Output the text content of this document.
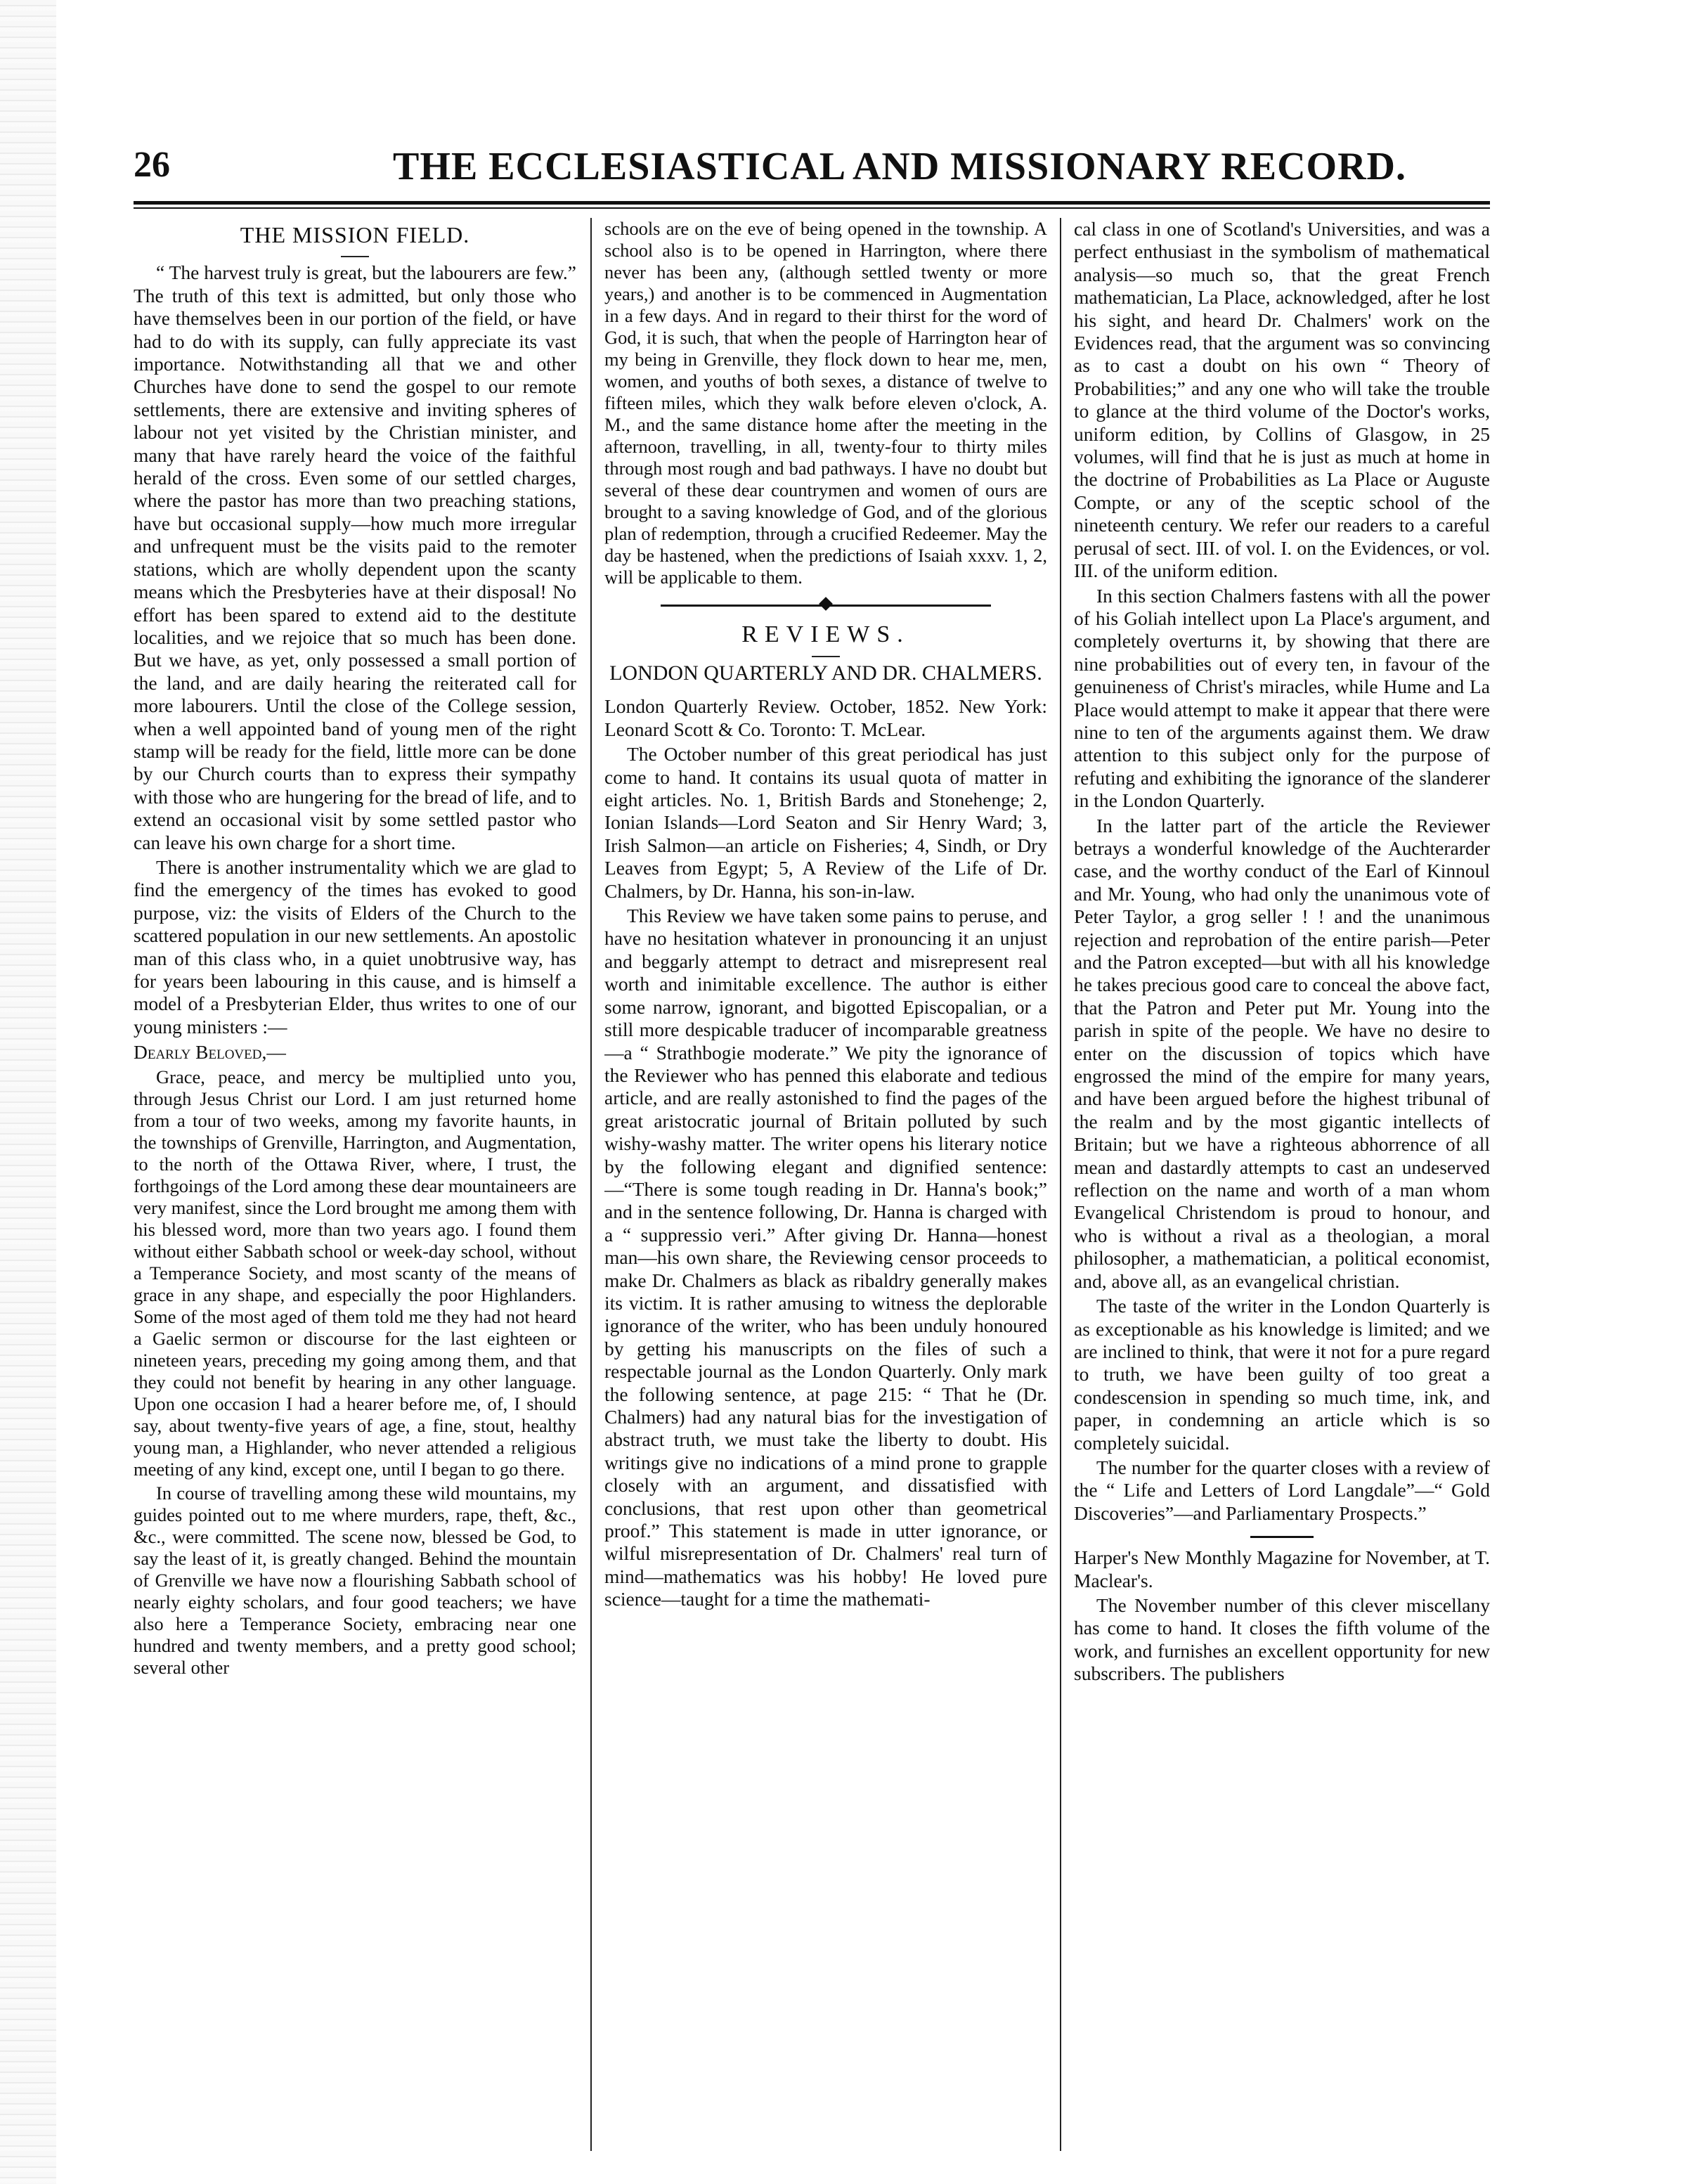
26	THE ECCLESIASTICAL AND MISSIONARY RECORD.

THE MISSION FIELD.

“ The harvest truly is great, but the labourers are few.” The truth of this text is admitted, but only those who have themselves been in our portion of the field, or have had to do with its supply, can fully appreciate its vast importance. Notwithstanding all that we and other Churches have done to send the gospel to our remote settlements, there are extensive and inviting spheres of labour not yet visited by the Christian minister, and many that have rarely heard the voice of the faithful herald of the cross. Even some of our settled charges, where the pastor has more than two preaching stations, have but occasional supply—how much more irregular and unfrequent must be the visits paid to the remoter stations, which are wholly dependent upon the scanty means which the Presbyteries have at their disposal! No effort has been spared to extend aid to the destitute localities, and we rejoice that so much has been done. But we have, as yet, only possessed a small portion of the land, and are daily hearing the reiterated call for more labourers. Until the close of the College session, when a well appointed band of young men of the right stamp will be ready for the field, little more can be done by our Church courts than to express their sympathy with those who are hungering for the bread of life, and to extend an occasional visit by some settled pastor who can leave his own charge for a short time.

There is another instrumentality which we are glad to find the emergency of the times has evoked to good purpose, viz: the visits of Elders of the Church to the scattered population in our new settlements. An apostolic man of this class who, in a quiet unobtrusive way, has for years been labouring in this cause, and is himself a model of a Presbyterian Elder, thus writes to one of our young ministers :—

Dearly Beloved,—

Grace, peace, and mercy be multiplied unto you, through Jesus Christ our Lord. I am just returned home from a tour of two weeks, among my favorite haunts, in the townships of Grenville, Harrington, and Augmentation, to the north of the Ottawa River, where, I trust, the forthgoings of the Lord among these dear mountaineers are very manifest, since the Lord brought me among them with his blessed word, more than two years ago. I found them without either Sabbath school or week-day school, without a Temperance Society, and most scanty of the means of grace in any shape, and especially the poor Highlanders. Some of the most aged of them told me they had not heard a Gaelic sermon or discourse for the last eighteen or nineteen years, preceding my going among them, and that they could not benefit by hearing in any other language. Upon one occasion I had a hearer before me, of, I should say, about twenty-five years of age, a fine, stout, healthy young man, a Highlander, who never attended a religious meeting of any kind, except one, until I began to go there.

In course of travelling among these wild mountains, my guides pointed out to me where murders, rape, theft, &c., &c., were committed. The scene now, blessed be God, to say the least of it, is greatly changed. Behind the mountain of Grenville we have now a flourishing Sabbath school of nearly eighty scholars, and four good teachers; we have also here a Temperance Society, embracing near one hundred and twenty members, and a pretty good school; several other

schools are on the eve of being opened in the township. A school also is to be opened in Harrington, where there never has been any, (although settled twenty or more years,) and another is to be commenced in Augmentation in a few days. And in regard to their thirst for the word of God, it is such, that when the people of Harrington hear of my being in Grenville, they flock down to hear me, men, women, and youths of both sexes, a distance of twelve to fifteen miles, which they walk before eleven o'clock, A. M., and the same distance home after the meeting in the afternoon, travelling, in all, twenty-four to thirty miles through most rough and bad pathways. I have no doubt but several of these dear countrymen and women of ours are brought to a saving knowledge of God, and of the glorious plan of redemption, through a crucified Redeemer. May the day be hastened, when the predictions of Isaiah xxxv. 1, 2, will be applicable to them.

REVIEWS.

LONDON QUARTERLY AND DR. CHALMERS.

London Quarterly Review. October, 1852. New York: Leonard Scott & Co. Toronto: T. McLear.

The October number of this great periodical has just come to hand. It contains its usual quota of matter in eight articles. No. 1, British Bards and Stonehenge; 2, Ionian Islands—Lord Seaton and Sir Henry Ward; 3, Irish Salmon—an article on Fisheries; 4, Sindh, or Dry Leaves from Egypt; 5, A Review of the Life of Dr. Chalmers, by Dr. Hanna, his son-in-law.

This Review we have taken some pains to peruse, and have no hesitation whatever in pronouncing it an unjust and beggarly attempt to detract and misrepresent real worth and inimitable excellence. The author is either some narrow, ignorant, and bigotted Episcopalian, or a still more despicable traducer of incomparable greatness—a “ Strathbogie moderate.” We pity the ignorance of the Reviewer who has penned this elaborate and tedious article, and are really astonished to find the pages of the great aristocratic journal of Britain polluted by such wishy-washy matter. The writer opens his literary notice by the following elegant and dignified sentence:—“There is some tough reading in Dr. Hanna's book;” and in the sentence following, Dr. Hanna is charged with a “ suppressio veri.” After giving Dr. Hanna—honest man—his own share, the Reviewing censor proceeds to make Dr. Chalmers as black as ribaldry generally makes its victim. It is rather amusing to witness the deplorable ignorance of the writer, who has been unduly honoured by getting his manuscripts on the files of such a respectable journal as the London Quarterly. Only mark the following sentence, at page 215: “ That he (Dr. Chalmers) had any natural bias for the investigation of abstract truth, we must take the liberty to doubt. His writings give no indications of a mind prone to grapple closely with an argument, and dissatisfied with conclusions, that rest upon other than geometrical proof.” This statement is made in utter ignorance, or wilful misrepresentation of Dr. Chalmers' real turn of mind—mathematics was his hobby! He loved pure science—taught for a time the mathemati-

cal class in one of Scotland's Universities, and was a perfect enthusiast in the symbolism of mathematical analysis—so much so, that the great French mathematician, La Place, acknowledged, after he lost his sight, and heard Dr. Chalmers' work on the Evidences read, that the argument was so convincing as to cast a doubt on his own “ Theory of Probabilities;” and any one who will take the trouble to glance at the third volume of the Doctor's works, uniform edition, by Collins of Glasgow, in 25 volumes, will find that he is just as much at home in the doctrine of Probabilities as La Place or Auguste Compte, or any of the sceptic school of the nineteenth century. We refer our readers to a careful perusal of sect. III. of vol. I. on the Evidences, or vol. III. of the uniform edition.

In this section Chalmers fastens with all the power of his Goliah intellect upon La Place's argument, and completely overturns it, by showing that there are nine probabilities out of every ten, in favour of the genuineness of Christ's miracles, while Hume and La Place would attempt to make it appear that there were nine to ten of the arguments against them. We draw attention to this subject only for the purpose of refuting and exhibiting the ignorance of the slanderer in the London Quarterly.

In the latter part of the article the Reviewer betrays a wonderful knowledge of the Auchterarder case, and the worthy conduct of the Earl of Kinnoul and Mr. Young, who had only the unanimous vote of Peter Taylor, a grog seller ! ! and the unanimous rejection and reprobation of the entire parish—Peter and the Patron excepted—but with all his knowledge he takes precious good care to conceal the above fact, that the Patron and Peter put Mr. Young into the parish in spite of the people. We have no desire to enter on the discussion of topics which have engrossed the mind of the empire for many years, and have been argued before the highest tribunal of the realm and by the most gigantic intellects of Britain; but we have a righteous abhorrence of all mean and dastardly attempts to cast an undeserved reflection on the name and worth of a man whom Evangelical Christendom is proud to honour, and who is without a rival as a theologian, a moral philosopher, a mathematician, a political economist, and, above all, as an evangelical christian.

The taste of the writer in the London Quarterly is as exceptionable as his knowledge is limited; and we are inclined to think, that were it not for a pure regard to truth, we have been guilty of too great a condescension in spending so much time, ink, and paper, in condemning an article which is so completely suicidal.

The number for the quarter closes with a review of the “ Life and Letters of Lord Langdale”—“ Gold Discoveries”—and Parliamentary Prospects.”

Harper's New Monthly Magazine for November, at T. Maclear's.

The November number of this clever miscellany has come to hand. It closes the fifth volume of the work, and furnishes an excellent opportunity for new subscribers. The publishers
